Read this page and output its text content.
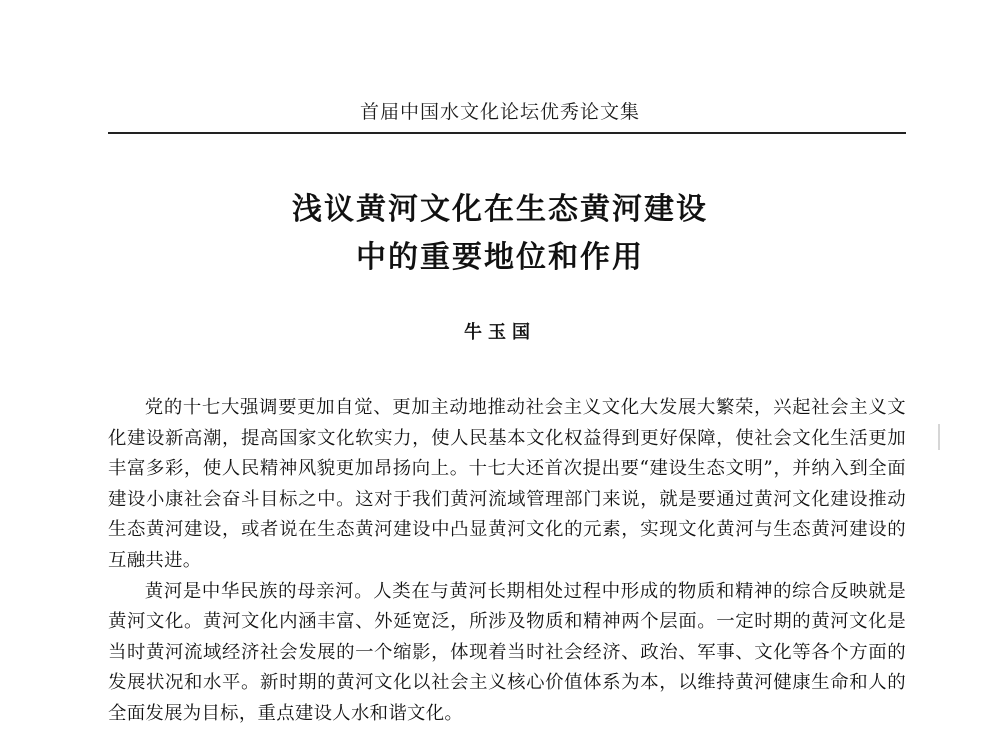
首届中国水文化论坛优秀论文集
浅议黄河文化在生态黄河建设
中的重要地位和作用
牛玉国

党的十七大强调要更加自觉、更加主动地推动社会主义文化大发展大繁荣，兴起社会主义文化建设新高潮，提高国家文化软实力，使人民基本文化权益得到更好保障，使社会文化生活更加丰富多彩，使人民精神风貌更加昂扬向上。十七大还首次提出要“建设生态文明”，并纳入到全面建设小康社会奋斗目标之中。这对于我们黄河流域管理部门来说，就是要通过黄河文化建设推动生态黄河建设，或者说在生态黄河建设中凸显黄河文化的元素，实现文化黄河与生态黄河建设的互融共进。

黄河是中华民族的母亲河。人类在与黄河长期相处过程中形成的物质和精神的综合反映就是黄河文化。黄河文化内涵丰富、外延宽泛，所涉及物质和精神两个层面。一定时期的黄河文化是当时黄河流域经济社会发展的一个缩影，体现着当时社会经济、政治、军事、文化等各个方面的发展状况和水平。新时期的黄河文化以社会主义核心价值体系为本，以维持黄河健康生命和人的全面发展为目标，重点建设人水和谐文化。
